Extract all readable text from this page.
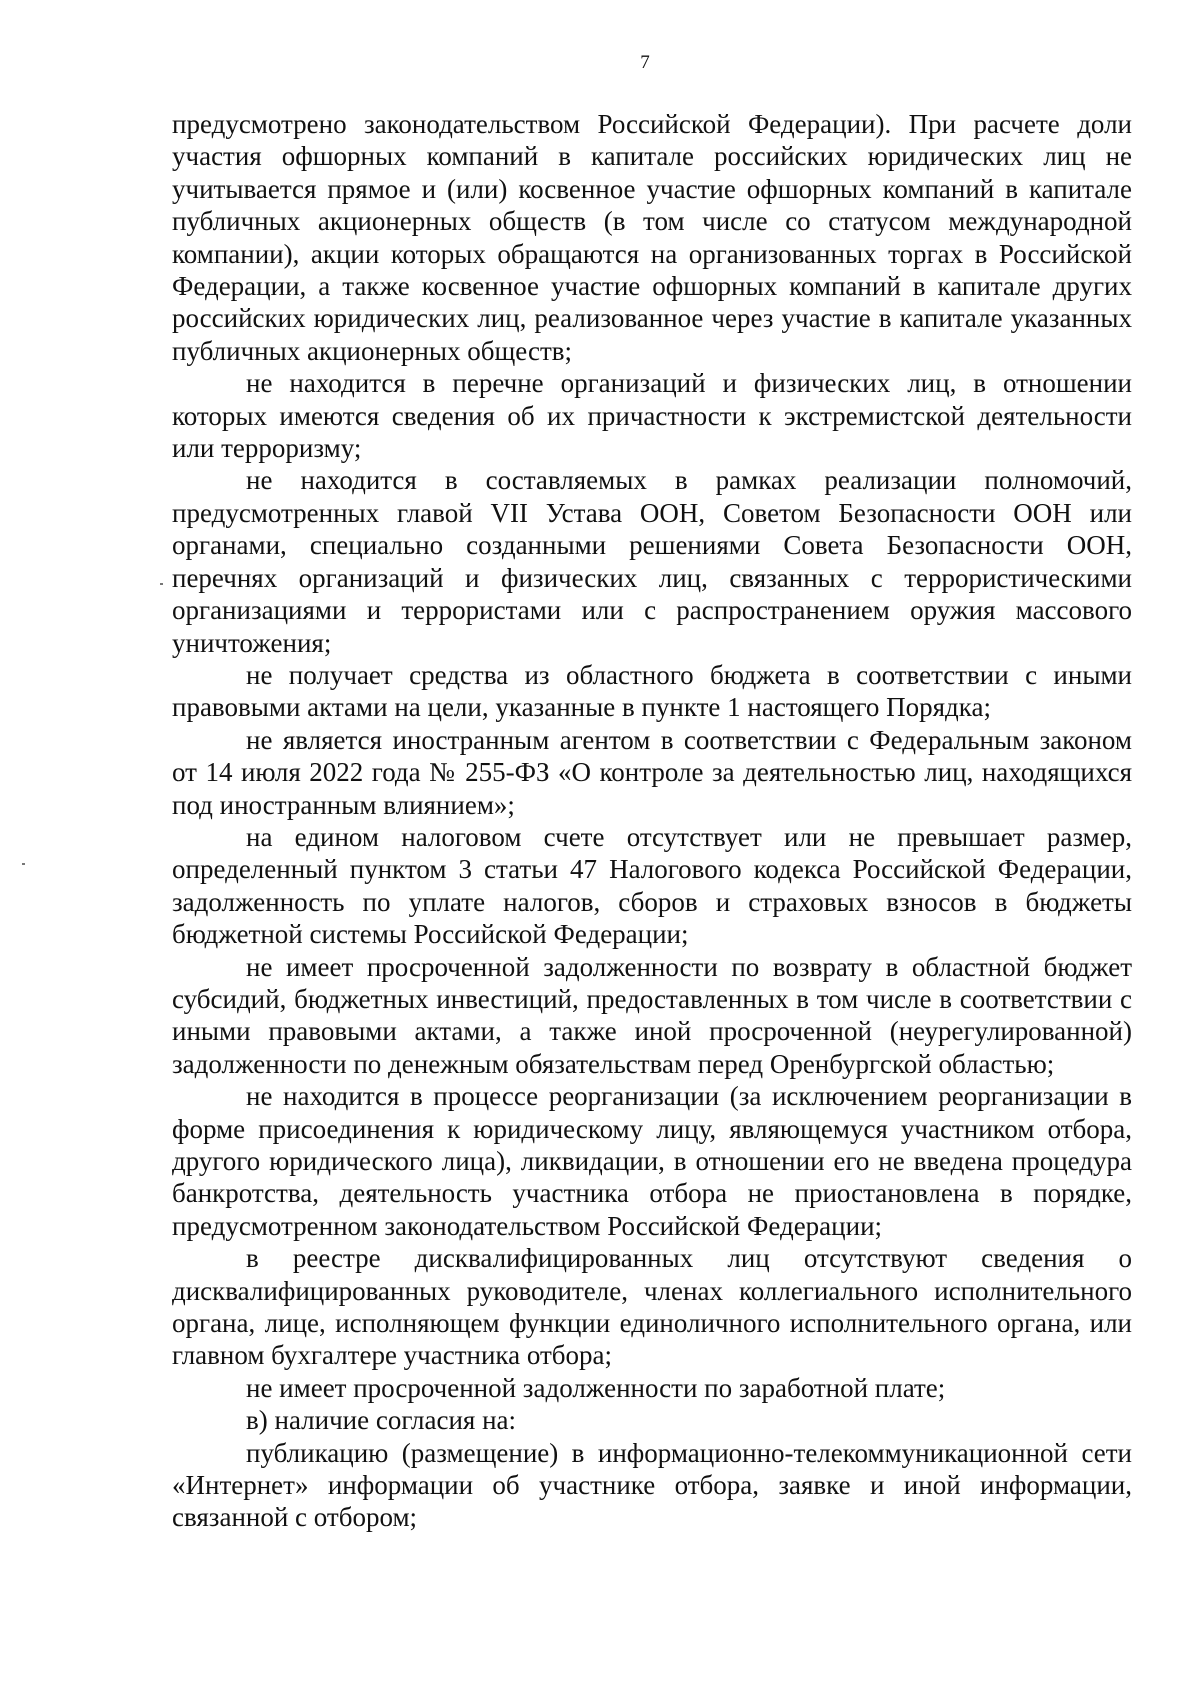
7

предусмотрено законодательством Российской Федерации). При расчете доли участия офшорных компаний в капитале российских юридических лиц не учитывается прямое и (или) косвенное участие офшорных компаний в капитале публичных акционерных обществ (в том числе со статусом международной компании), акции которых обращаются на организованных торгах в Российской Федерации, а также косвенное участие офшорных компаний в капитале других российских юридических лиц, реализованное через участие в капитале указанных публичных акционерных обществ;

не находится в перечне организаций и физических лиц, в отношении которых имеются сведения об их причастности к экстремистской деятельности или терроризму;

не находится в составляемых в рамках реализации полномочий, предусмотренных главой VII Устава ООН, Советом Безопасности ООН или органами, специально созданными решениями Совета Безопасности ООН, перечнях организаций и физических лиц, связанных с террористическими организациями и террористами или с распространением оружия массового уничтожения;

не получает средства из областного бюджета в соответствии с иными правовыми актами на цели, указанные в пункте 1 настоящего Порядка;

не является иностранным агентом в соответствии с Федеральным законом от 14 июля 2022 года № 255-ФЗ «О контроле за деятельностью лиц, находящихся под иностранным влиянием»;

на едином налоговом счете отсутствует или не превышает размер, определенный пунктом 3 статьи 47 Налогового кодекса Российской Федерации, задолженность по уплате налогов, сборов и страховых взносов в бюджеты бюджетной системы Российской Федерации;

не имеет просроченной задолженности по возврату в областной бюджет субсидий, бюджетных инвестиций, предоставленных в том числе в соответствии с иными правовыми актами, а также иной просроченной (неурегулированной) задолженности по денежным обязательствам перед Оренбургской областью;

не находится в процессе реорганизации (за исключением реорганизации в форме присоединения к юридическому лицу, являющемуся участником отбора, другого юридического лица), ликвидации, в отношении его не введена процедура банкротства, деятельность участника отбора не приостановлена в порядке, предусмотренном законодательством Российской Федерации;

в реестре дисквалифицированных лиц отсутствуют сведения о дисквалифицированных руководителе, членах коллегиального исполнительного органа, лице, исполняющем функции единоличного исполнительного органа, или главном бухгалтере участника отбора;

не имеет просроченной задолженности по заработной плате;

в) наличие согласия на:

публикацию (размещение) в информационно-телекоммуникационной сети «Интернет» информации об участнике отбора, заявке и иной информации, связанной с отбором;
